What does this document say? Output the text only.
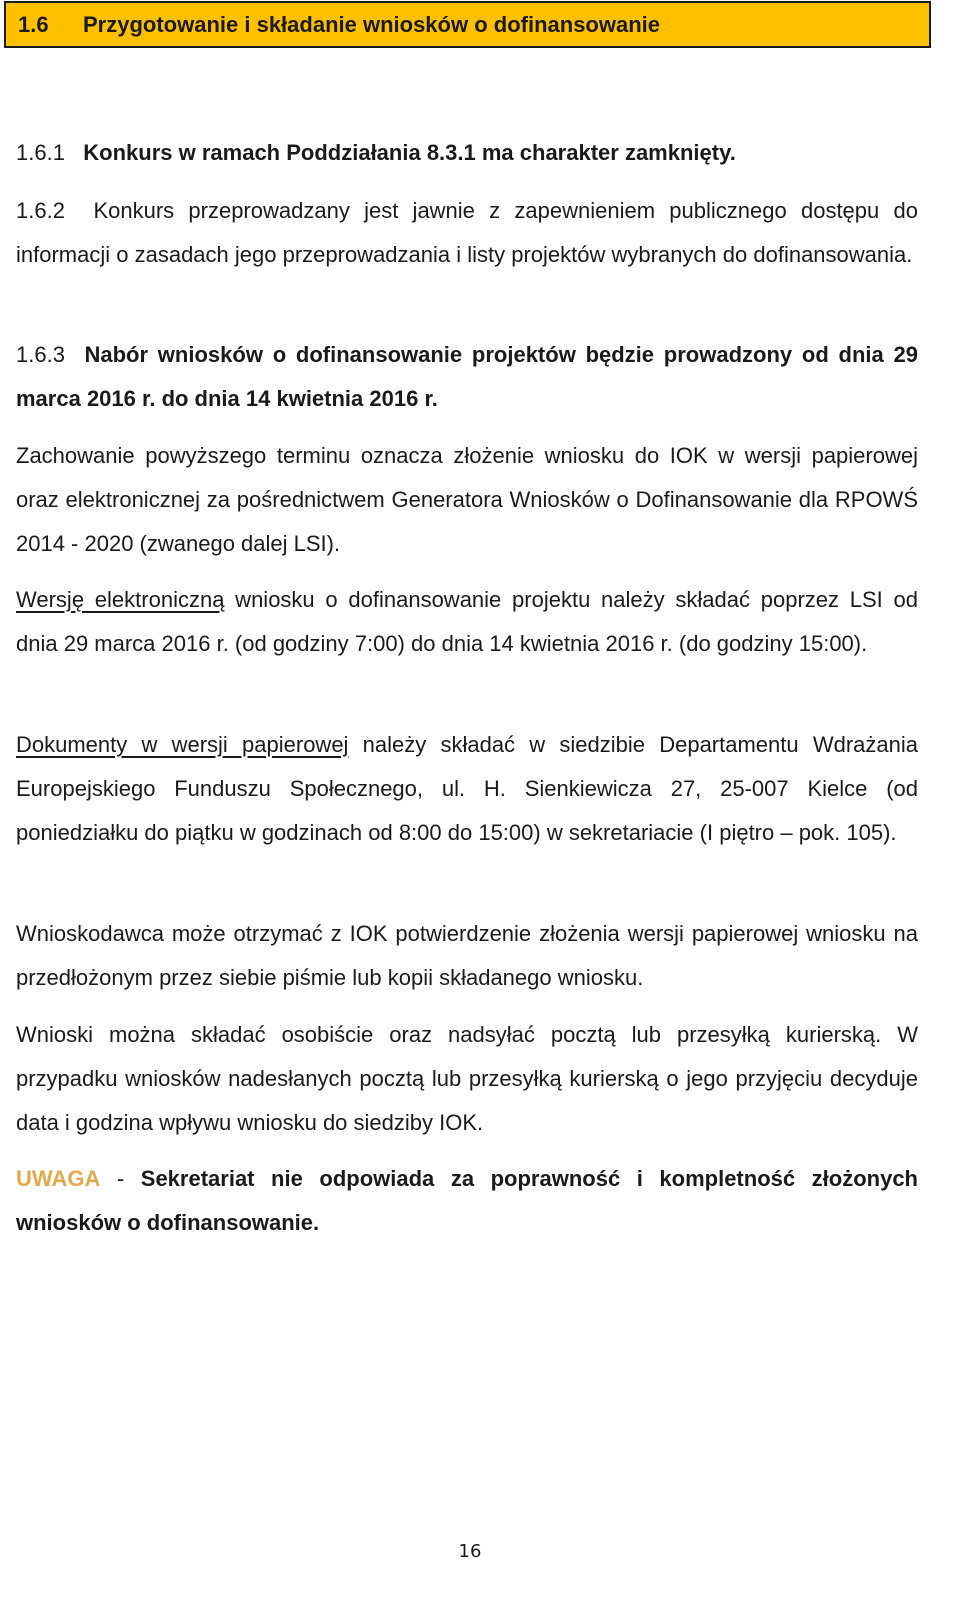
1.6	Przygotowanie i składanie wniosków o dofinansowanie

1.6.1 Konkurs w ramach Poddziałania 8.3.1 ma charakter zamknięty.

1.6.2 Konkurs przeprowadzany jest jawnie z zapewnieniem publicznego dostępu do informacji o zasadach jego przeprowadzania i listy projektów wybranych do dofinansowania.

1.6.3 Nabór wniosków o dofinansowanie projektów będzie prowadzony od dnia 29 marca 2016 r. do dnia 14 kwietnia 2016 r.

Zachowanie powyższego terminu oznacza złożenie wniosku do IOK w wersji papierowej oraz elektronicznej za pośrednictwem Generatora Wniosków o Dofinansowanie dla RPOWŚ 2014 - 2020 (zwanego dalej LSI).

Wersję elektroniczną wniosku o dofinansowanie projektu należy składać poprzez LSI od dnia 29 marca 2016 r. (od godziny 7:00) do dnia 14 kwietnia 2016 r. (do godziny 15:00).

Dokumenty w wersji papierowej należy składać w siedzibie Departamentu Wdrażania Europejskiego Funduszu Społecznego, ul. H. Sienkiewicza 27, 25-007 Kielce (od poniedziałku do piątku w godzinach od 8:00 do 15:00) w sekretariacie (I piętro – pok. 105).

Wnioskodawca może otrzymać z IOK potwierdzenie złożenia wersji papierowej wniosku na przedłożonym przez siebie piśmie lub kopii składanego wniosku.

Wnioski można składać osobiście oraz nadsyłać pocztą lub przesyłką kurierską. W przypadku wniosków nadesłanych pocztą lub przesyłką kurierską o jego przyjęciu decyduje data i godzina wpływu wniosku do siedziby IOK.

UWAGA - Sekretariat nie odpowiada za poprawność i kompletność złożonych wniosków o dofinansowanie.

16
